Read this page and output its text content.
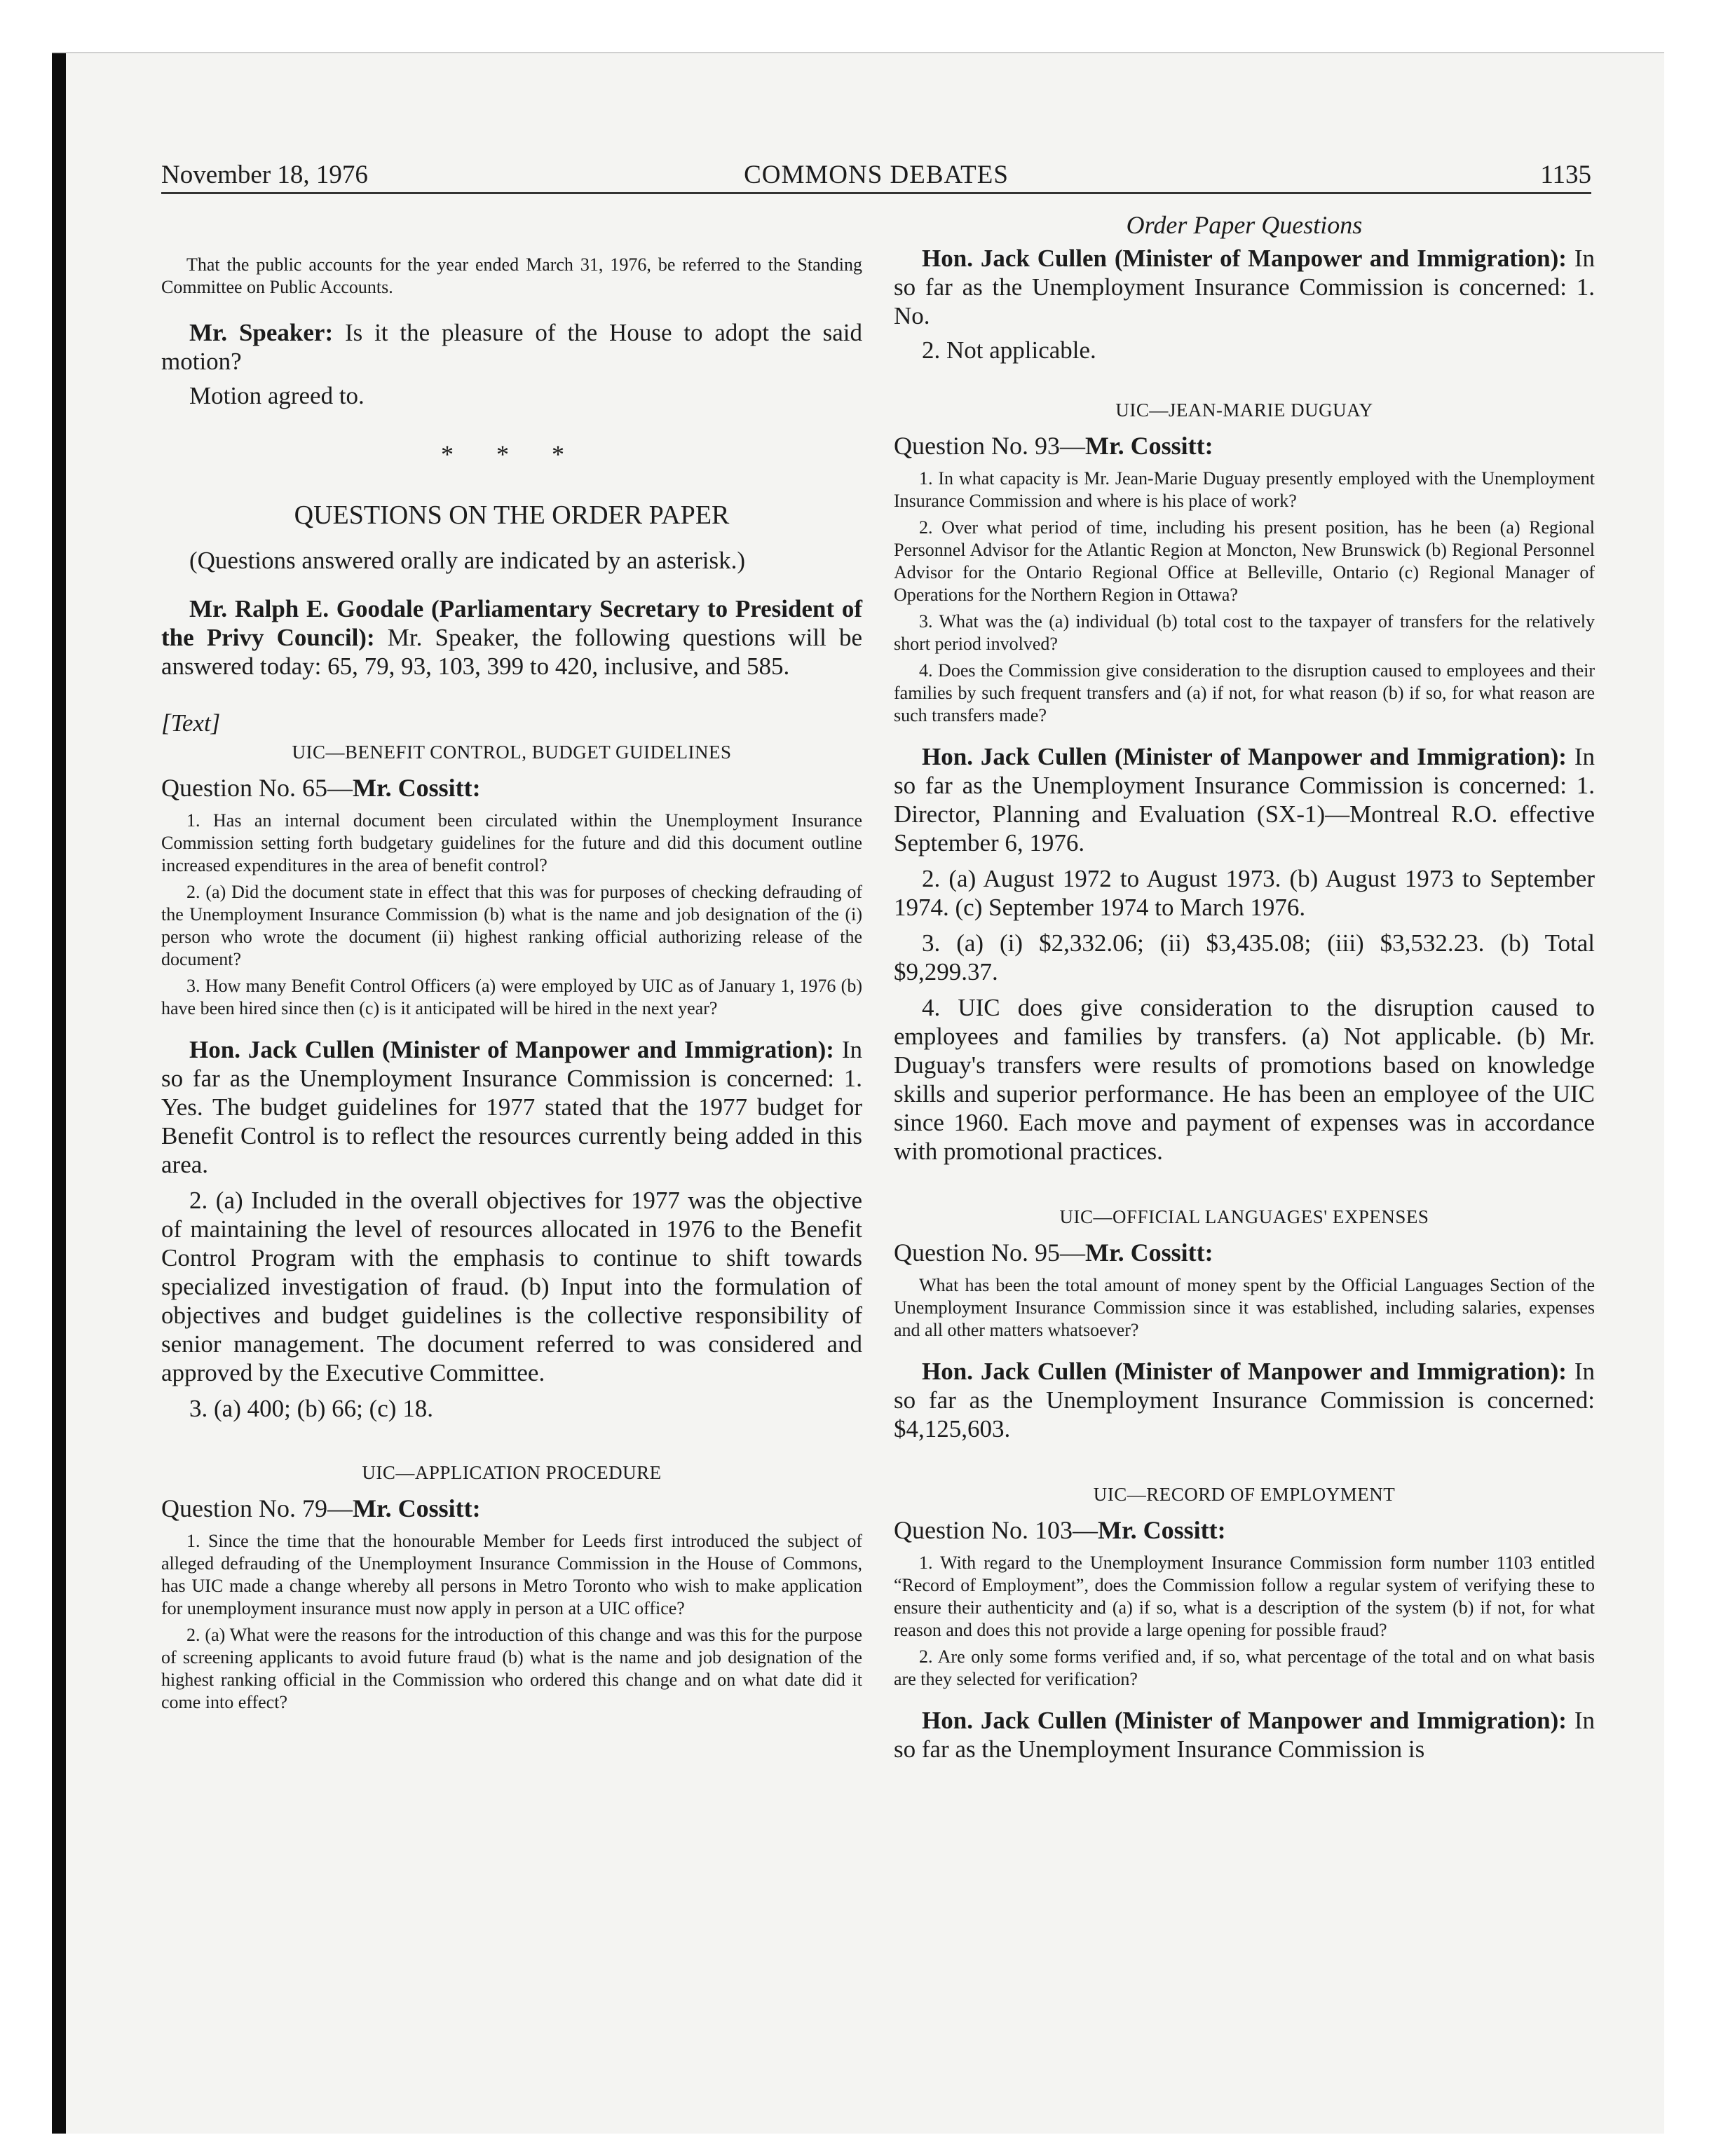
November 18, 1976	COMMONS DEBATES	1135

That the public accounts for the year ended March 31, 1976, be referred to the Standing Committee on Public Accounts.

Mr. Speaker: Is it the pleasure of the House to adopt the said motion?

Motion agreed to.

* * *

QUESTIONS ON THE ORDER PAPER

(Questions answered orally are indicated by an asterisk.)

Mr. Ralph E. Goodale (Parliamentary Secretary to President of the Privy Council): Mr. Speaker, the following questions will be answered today: 65, 79, 93, 103, 399 to 420, inclusive, and 585.

[Text]

UIC—BENEFIT CONTROL, BUDGET GUIDELINES

Question No. 65—Mr. Cossitt:

1. Has an internal document been circulated within the Unemployment Insurance Commission setting forth budgetary guidelines for the future and did this document outline increased expenditures in the area of benefit control?

2. (a) Did the document state in effect that this was for purposes of checking defrauding of the Unemployment Insurance Commission (b) what is the name and job designation of the (i) person who wrote the document (ii) highest ranking official authorizing release of the document?

3. How many Benefit Control Officers (a) were employed by UIC as of January 1, 1976 (b) have been hired since then (c) is it anticipated will be hired in the next year?

Hon. Jack Cullen (Minister of Manpower and Immigration): In so far as the Unemployment Insurance Commission is concerned: 1. Yes. The budget guidelines for 1977 stated that the 1977 budget for Benefit Control is to reflect the resources currently being added in this area.

2. (a) Included in the overall objectives for 1977 was the objective of maintaining the level of resources allocated in 1976 to the Benefit Control Program with the emphasis to continue to shift towards specialized investigation of fraud. (b) Input into the formulation of objectives and budget guidelines is the collective responsibility of senior management. The document referred to was considered and approved by the Executive Committee.

3. (a) 400; (b) 66; (c) 18.

UIC—APPLICATION PROCEDURE

Question No. 79—Mr. Cossitt:

1. Since the time that the honourable Member for Leeds first introduced the subject of alleged defrauding of the Unemployment Insurance Commission in the House of Commons, has UIC made a change whereby all persons in Metro Toronto who wish to make application for unemployment insurance must now apply in person at a UIC office?

2. (a) What were the reasons for the introduction of this change and was this for the purpose of screening applicants to avoid future fraud (b) what is the name and job designation of the highest ranking official in the Commission who ordered this change and on what date did it come into effect?

Order Paper Questions

Hon. Jack Cullen (Minister of Manpower and Immigration): In so far as the Unemployment Insurance Commission is concerned: 1. No.

2. Not applicable.

UIC—JEAN-MARIE DUGUAY

Question No. 93—Mr. Cossitt:

1. In what capacity is Mr. Jean-Marie Duguay presently employed with the Unemployment Insurance Commission and where is his place of work?

2. Over what period of time, including his present position, has he been (a) Regional Personnel Advisor for the Atlantic Region at Moncton, New Brunswick (b) Regional Personnel Advisor for the Ontario Regional Office at Belleville, Ontario (c) Regional Manager of Operations for the Northern Region in Ottawa?

3. What was the (a) individual (b) total cost to the taxpayer of transfers for the relatively short period involved?

4. Does the Commission give consideration to the disruption caused to employees and their families by such frequent transfers and (a) if not, for what reason (b) if so, for what reason are such transfers made?

Hon. Jack Cullen (Minister of Manpower and Immigration): In so far as the Unemployment Insurance Commission is concerned: 1. Director, Planning and Evaluation (SX-1)—Montreal R.O. effective September 6, 1976.

2. (a) August 1972 to August 1973. (b) August 1973 to September 1974. (c) September 1974 to March 1976.

3. (a) (i) $2,332.06; (ii) $3,435.08; (iii) $3,532.23. (b) Total $9,299.37.

4. UIC does give consideration to the disruption caused to employees and families by transfers. (a) Not applicable. (b) Mr. Duguay's transfers were results of promotions based on knowledge skills and superior performance. He has been an employee of the UIC since 1960. Each move and payment of expenses was in accordance with promotional practices.

UIC—OFFICIAL LANGUAGES' EXPENSES

Question No. 95—Mr. Cossitt:

What has been the total amount of money spent by the Official Languages Section of the Unemployment Insurance Commission since it was established, including salaries, expenses and all other matters whatsoever?

Hon. Jack Cullen (Minister of Manpower and Immigration): In so far as the Unemployment Insurance Commission is concerned: $4,125,603.

UIC—RECORD OF EMPLOYMENT

Question No. 103—Mr. Cossitt:

1. With regard to the Unemployment Insurance Commission form number 1103 entitled “Record of Employment”, does the Commission follow a regular system of verifying these to ensure their authenticity and (a) if so, what is a description of the system (b) if not, for what reason and does this not provide a large opening for possible fraud?

2. Are only some forms verified and, if so, what percentage of the total and on what basis are they selected for verification?

Hon. Jack Cullen (Minister of Manpower and Immigration): In so far as the Unemployment Insurance Commission is
